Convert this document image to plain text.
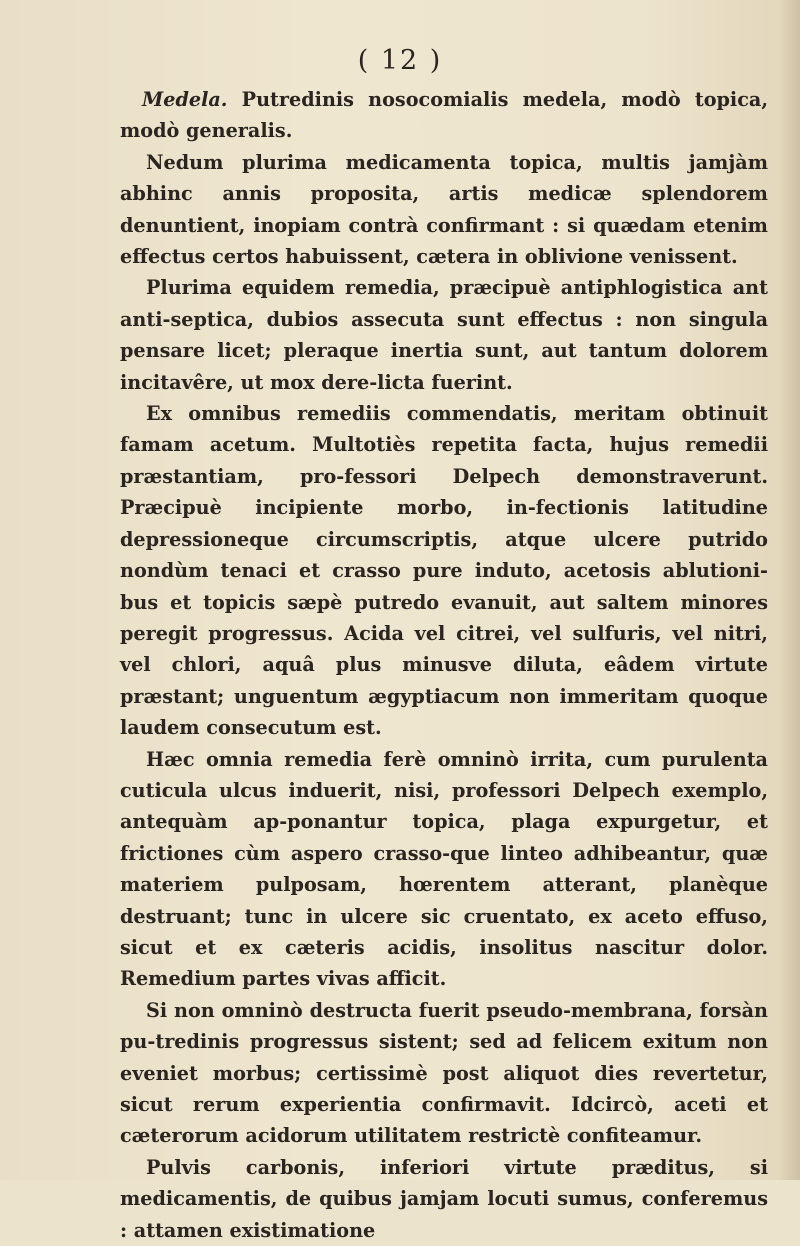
( 12 )

Medela. Putredinis nosocomialis medela, modò topica, modò generalis.

Nedum plurima medicamenta topica, multis jamjàm abhinc annis proposita, artis medicæ splendorem denuntient, inopiam contrà confirmant : si quædam etenim effectus certos habuissent, cætera in oblivione venissent.

Plurima equidem remedia, præcipuè antiphlogistica ant anti-septica, dubios assecuta sunt effectus : non singula pensare licet; pleraque inertia sunt, aut tantum dolorem incitavêre, ut mox dere-licta fuerint.

Ex omnibus remediis commendatis, meritam obtinuit famam acetum. Multotiès repetita facta, hujus remedii præstantiam, pro-fessori Delpech demonstraverunt. Præcipuè incipiente morbo, in-fectionis latitudine depressioneque circumscriptis, atque ulcere putrido nondùm tenaci et crasso pure induto, acetosis ablutioni-bus et topicis sæpè putredo evanuit, aut saltem minores peregit progressus. Acida vel citrei, vel sulfuris, vel nitri, vel chlori, aquâ plus minusve diluta, eâdem virtute præstant; unguentum ægyptiacum non immeritam quoque laudem consecutum est.

Hæc omnia remedia ferè omninò irrita, cum purulenta cuticula ulcus induerit, nisi, professori Delpech exemplo, antequàm ap-ponantur topica, plaga expurgetur, et frictiones cùm aspero crasso-que linteo adhibeantur, quæ materiem pulposam, hœrentem atterant, planèque destruant; tunc in ulcere sic cruentato, ex aceto effuso, sicut et ex cæteris acidis, insolitus nascitur dolor. Remedium partes vivas afficit.

Si non omninò destructa fuerit pseudo-membrana, forsàn pu-tredinis progressus sistent; sed ad felicem exitum non eveniet morbus; certissimè post aliquot dies revertetur, sicut rerum experientia confirmavit. Idcircò, aceti et cæterorum acidorum utilitatem restrictè confiteamur.

Pulvis carbonis, inferiori virtute præditus, si medicamentis, de quibus jamjam locuti sumus, conferemus : attamen existimatione
